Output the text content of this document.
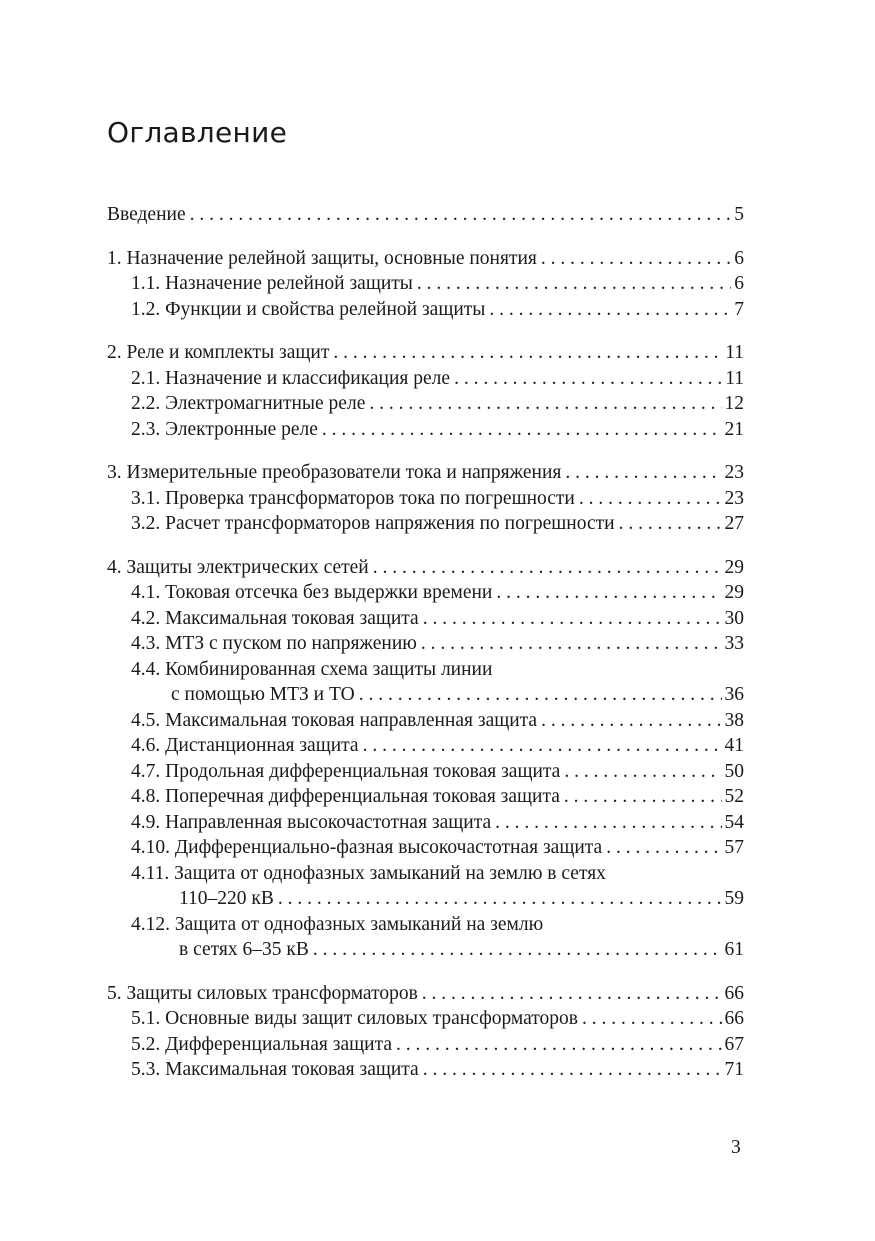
Оглавление
Введение . . .	5
1. Назначение релейной защиты, основные понятия . . .	6
1.1. Назначение релейной защиты . . .	6
1.2. Функции и свойства релейной защиты . . .	7
2. Реле и комплекты защит . . .	11
2.1. Назначение и классификация реле . . .	11
2.2. Электромагнитные реле . . .	12
2.3. Электронные реле . . .	21
3. Измерительные преобразователи тока и напряжения . . .	23
3.1. Проверка трансформаторов тока по погрешности . . .	23
3.2. Расчет трансформаторов напряжения по погрешности . . .	27
4. Защиты электрических сетей . . .	29
4.1. Токовая отсечка без выдержки времени . . .	29
4.2. Максимальная токовая защита . . .	30
4.3. МТЗ с пуском по напряжению . . .	33
4.4. Комбинированная схема защиты линии
с помощью МТЗ и ТО . . .	36
4.5. Максимальная токовая направленная защита . . .	38
4.6. Дистанционная защита . . .	41
4.7. Продольная дифференциальная токовая защита . . .	50
4.8. Поперечная дифференциальная токовая защита . . .	52
4.9. Направленная высокочастотная защита . . .	54
4.10. Дифференциально-фазная высокочастотная защита . . .	57
4.11. Защита от однофазных замыканий на землю в сетях
110–220 кВ . . .	59
4.12. Защита от однофазных замыканий на землю
в сетях 6–35 кВ . . .	61
5. Защиты силовых трансформаторов . . .	66
5.1. Основные виды защит силовых трансформаторов . . .	66
5.2. Дифференциальная защита . . .	67
5.3. Максимальная токовая защита . . .	71
3
